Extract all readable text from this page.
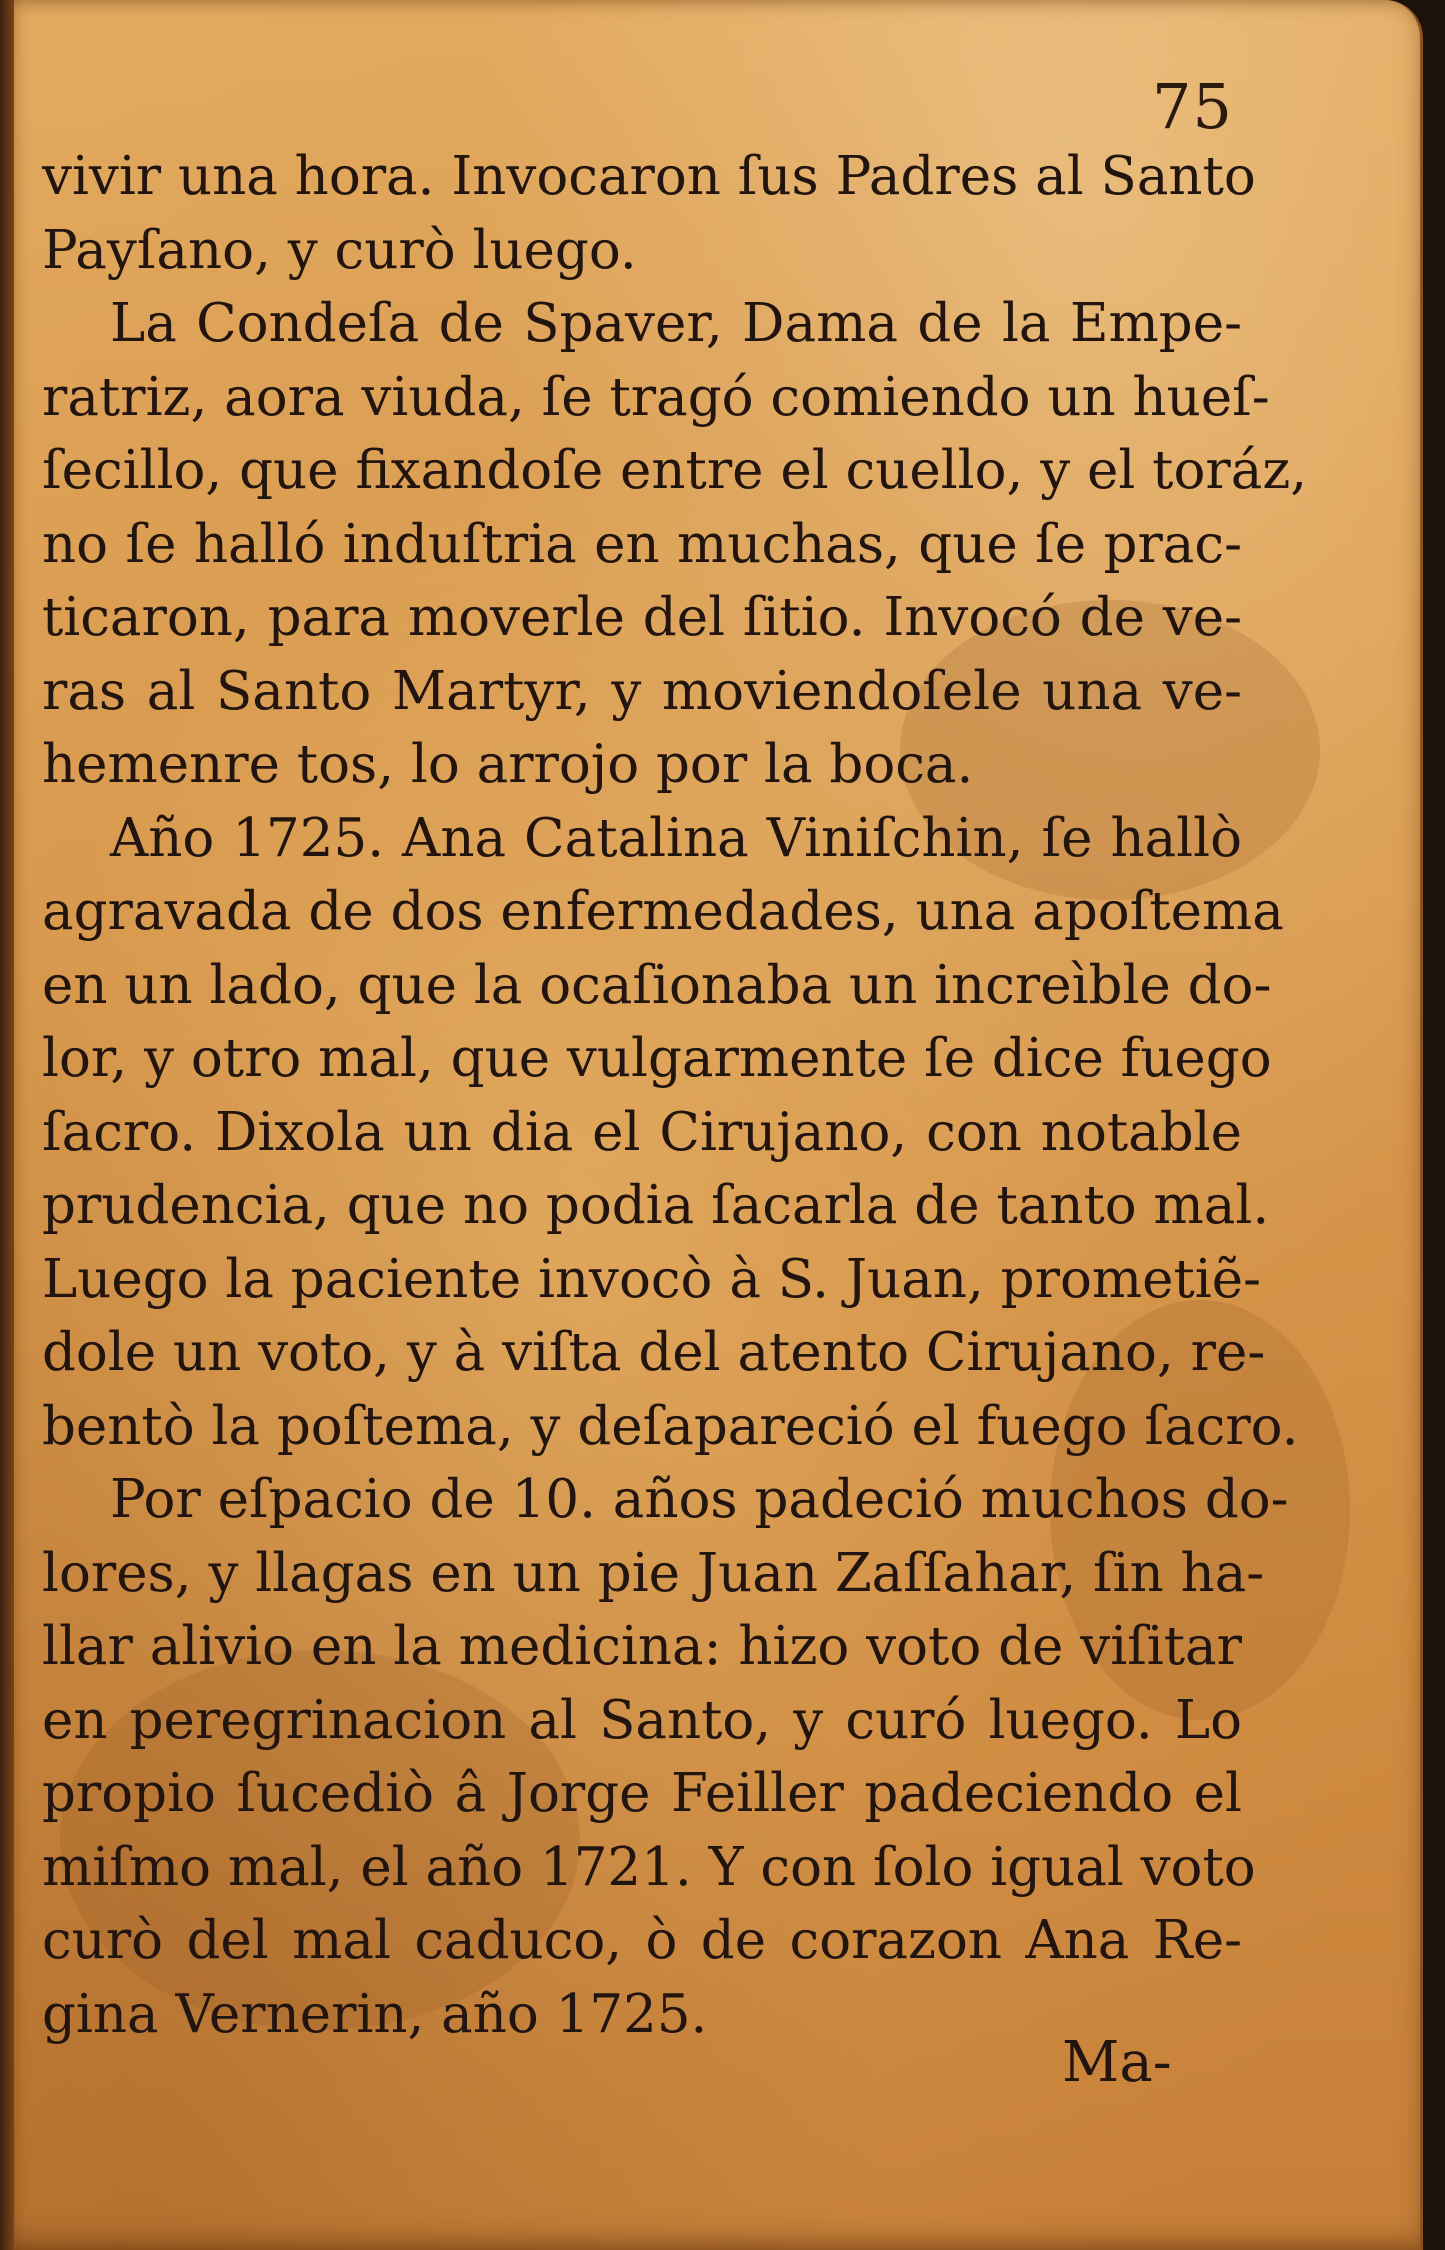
75
vivir una hora. Invocaron ſus Padres al Santo
Payſano, y curò luego.
La Condeſa de Spaver, Dama de la Empe-
ratriz, aora viuda, ſe tragó comiendo un hueſ-
ſecillo, que fixandoſe entre el cuello, y el toráz,
no ſe halló induſtria en muchas, que ſe prac-
ticaron, para moverle del ſitio. Invocó de ve-
ras al Santo Martyr, y moviendoſele una ve-
hemenre tos, lo arrojo por la boca.
Año 1725. Ana Catalina Viniſchin, ſe hallò
agravada de dos enfermedades, una apoſtema
en un lado, que la ocaſionaba un increìble do-
lor, y otro mal, que vulgarmente ſe dice fuego
ſacro. Dixola un dia el Cirujano, con notable
prudencia, que no podia ſacarla de tanto mal.
Luego la paciente invocò à S. Juan, prometiẽ-
dole un voto, y à viſta del atento Cirujano, re-
bentò la poſtema, y deſapareció el fuego ſacro.
Por eſpacio de 10. años padeció muchos do-
lores, y llagas en un pie Juan Zaſſahar, ſin ha-
llar alivio en la medicina: hizo voto de viſitar
en peregrinacion al Santo, y curó luego. Lo
propio ſucediò â Jorge Feiller padeciendo el
miſmo mal, el año 1721. Y con ſolo igual voto
curò del mal caduco, ò de corazon Ana Re-
gina Vernerin, año 1725.
Ma-
